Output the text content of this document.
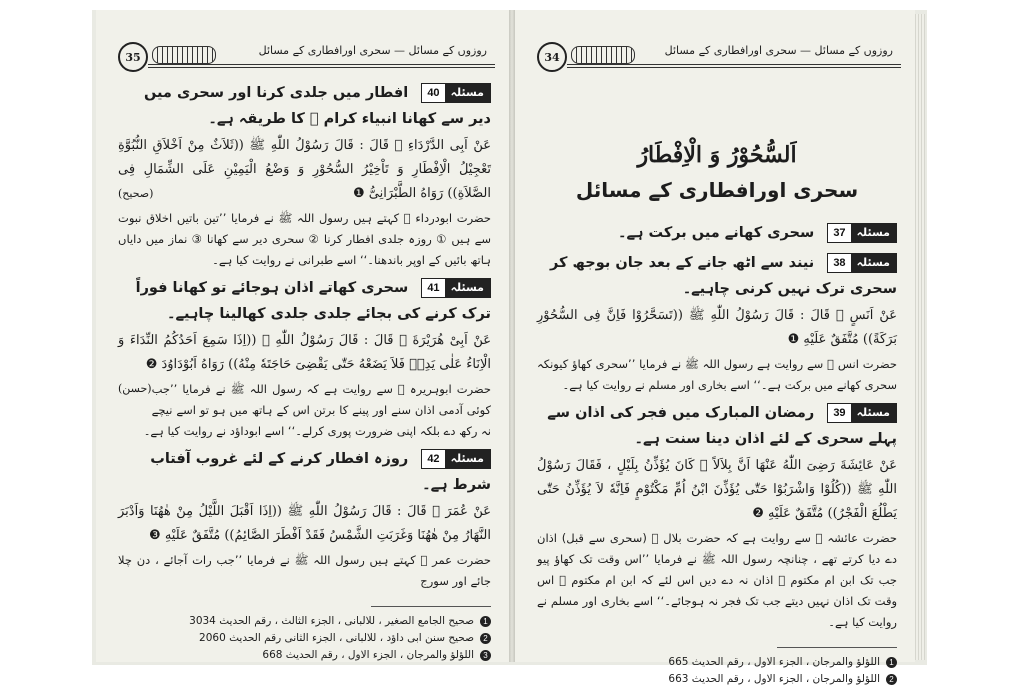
35	روزوں کے مسائل — سحری اورافطاری کے مسائل
مسئلہ
40
افطار میں جلدی کرنا اور سحری میں دیر سے کھانا انبیاء کرام ﷤ کا طریقہ ہے۔
عَنْ اَبِی الدَّرْدَاءِ ﷛ قَالَ : قَالَ رَسُوْلُ اللّٰهِ ﷺ ((ثَلاَثٌ مِنْ اَخْلاَقِ النُّبُوَّةِ تَعْجِیْلُ الْاِفْطَارِ وَ تَاْخِیْرُ السُّحُوْرِ وَ وَضْعُ الْیَمِیْنِ عَلَی الشِّمَالِ فِی الصَّلاَةِ)) رَوَاهُ الطَّبْرَانِیُّ ❶
(صحیح)
حضرت ابودرداء ﷛ کہتے ہیں رسول اللہ ﷺ نے فرمایا ’’تین باتیں اخلاق نبوت سے ہیں ① روزہ جلدی افطار کرنا ② سحری دیر سے کھانا ③ نماز میں دایاں ہاتھ بائیں کے اوپر باندھنا۔‘‘ اسے طبرانی نے روایت کیا ہے۔
مسئلہ
41
سحری کھاتے اذان ہوجائے تو کھانا فوراً ترک کرنے کی بجائے جلدی جلدی کھالینا چاہیے۔
عَنْ اَبِیْ هُرَیْرَةَ ﷛ قَالَ : قَالَ رَسُوْلُ اللّٰهِ ﷺ ((اِذَا سَمِعَ اَحَدُكُمُ النِّدَاءَ وَ الْاِنَاءُ عَلٰی یَدِهٖ فَلاَ یَضَعْهُ حَتّٰی یَقْضِیَ حَاجَتَهٗ مِنْهُ)) رَوَاهُ اَبُوْدَاوُدَ ❷
(حسن) حضرت ابوہریرہ ﷛ سے روایت ہے کہ رسول اللہ ﷺ نے فرمایا ’’جب کوئی آدمی اذان سنے اور پینے کا برتن اس کے ہاتھ میں ہو تو اسے نیچے نہ رکھ دے بلکہ اپنی ضرورت پوری کرلے۔‘‘ اسے ابوداؤد نے روایت کیا ہے۔
مسئلہ
42
روزہ افطار کرنے کے لئے غروب آفتاب شرط ہے۔
عَنْ عُمَرَ ﷛ قَالَ : قَالَ رَسُوْلُ اللّٰهِ ﷺ ((اِذَا اَقْبَلَ اللَّیْلُ مِنْ هٰهُنَا وَاَدْبَرَ النَّهَارُ مِنْ هٰهُنَا وَغَرَبَتِ الشَّمْسُ فَقَدْ اَفْطَرَ الصَّائِمُ)) مُتَّفَقٌ عَلَیْهِ ❸
حضرت عمر ﷛ کہتے ہیں رسول اللہ ﷺ نے فرمایا ’’جب رات آجائے ، دن چلا جائے اور سورج
1
صحیح الجامع الصغیر ، للالبانی ، الجزء الثالث ، رقم الحدیث 3034
2
صحیح سنن ابی داؤد ، للالبانی ، الجزء الثانی رقم الحدیث 2060
3
اللؤلؤ والمرجان ، الجزء الاول ، رقم الحدیث 668
34	روزوں کے مسائل — سحری اورافطاری کے مسائل
اَلسُّحُوْرُ وَ الْاِفْطَارُ
سحری اورافطاری کے مسائل
مسئلہ
37
سحری کھانے میں برکت ہے۔
مسئلہ
38
نیند سے اٹھ جانے کے بعد جان بوجھ کر سحری ترک نہیں کرنی چاہیے۔
عَنْ اَنَسٍ ﷛ قَالَ : قَالَ رَسُوْلُ اللّٰهِ ﷺ ((تَسَحَّرُوْا فَاِنَّ فِی السُّحُوْرِ بَرَكَةً)) مُتَّفَقٌ عَلَیْهِ ❶
حضرت انس ﷛ سے روایت ہے رسول اللہ ﷺ نے فرمایا ’’سحری کھاؤ کیونکہ سحری کھانے میں برکت ہے۔‘‘ اسے بخاری اور مسلم نے روایت کیا ہے۔
مسئلہ
39
رمضان المبارک میں فجر کی اذان سے پہلے سحری کے لئے اذان دینا سنت ہے۔
عَنْ عَائِشَةَ رَضِیَ اللّٰهُ عَنْهَا اَنَّ بِلاَلاً ﷛ كَانَ یُؤَذِّنُ بِلَیْلٍ ، فَقَالَ رَسُوْلُ اللّٰهِ ﷺ ((كُلُوْا وَاشْرَبُوْا حَتّٰی یُؤَذِّنَ ابْنُ اُمِّ مَكْتُوْمٍ فَاِنَّهٗ لاَ یُؤَذِّنُ حَتّٰی یَطْلُعَ الْفَجْرُ)) مُتَّفَقٌ عَلَیْهِ ❷
حضرت عائشہ ﷞ سے روایت ہے کہ حضرت بلال ﷛ (سحری سے قبل) اذان دے دیا کرتے تھے ، چنانچہ رسول اللہ ﷺ نے فرمایا ’’اس وقت تک کھاؤ پیو جب تک ابن ام مکتوم ﷛ اذان نہ دے دیں اس لئے کہ ابن ام مکتوم ﷛ اس وقت تک اذان نہیں دیتے جب تک فجر نہ ہوجائے۔‘‘ اسے بخاری اور مسلم نے روایت کیا ہے۔
1
اللؤلؤ والمرجان ، الجزء الاول ، رقم الحدیث 665
2
اللؤلؤ والمرجان ، الجزء الاول ، رقم الحدیث 663
